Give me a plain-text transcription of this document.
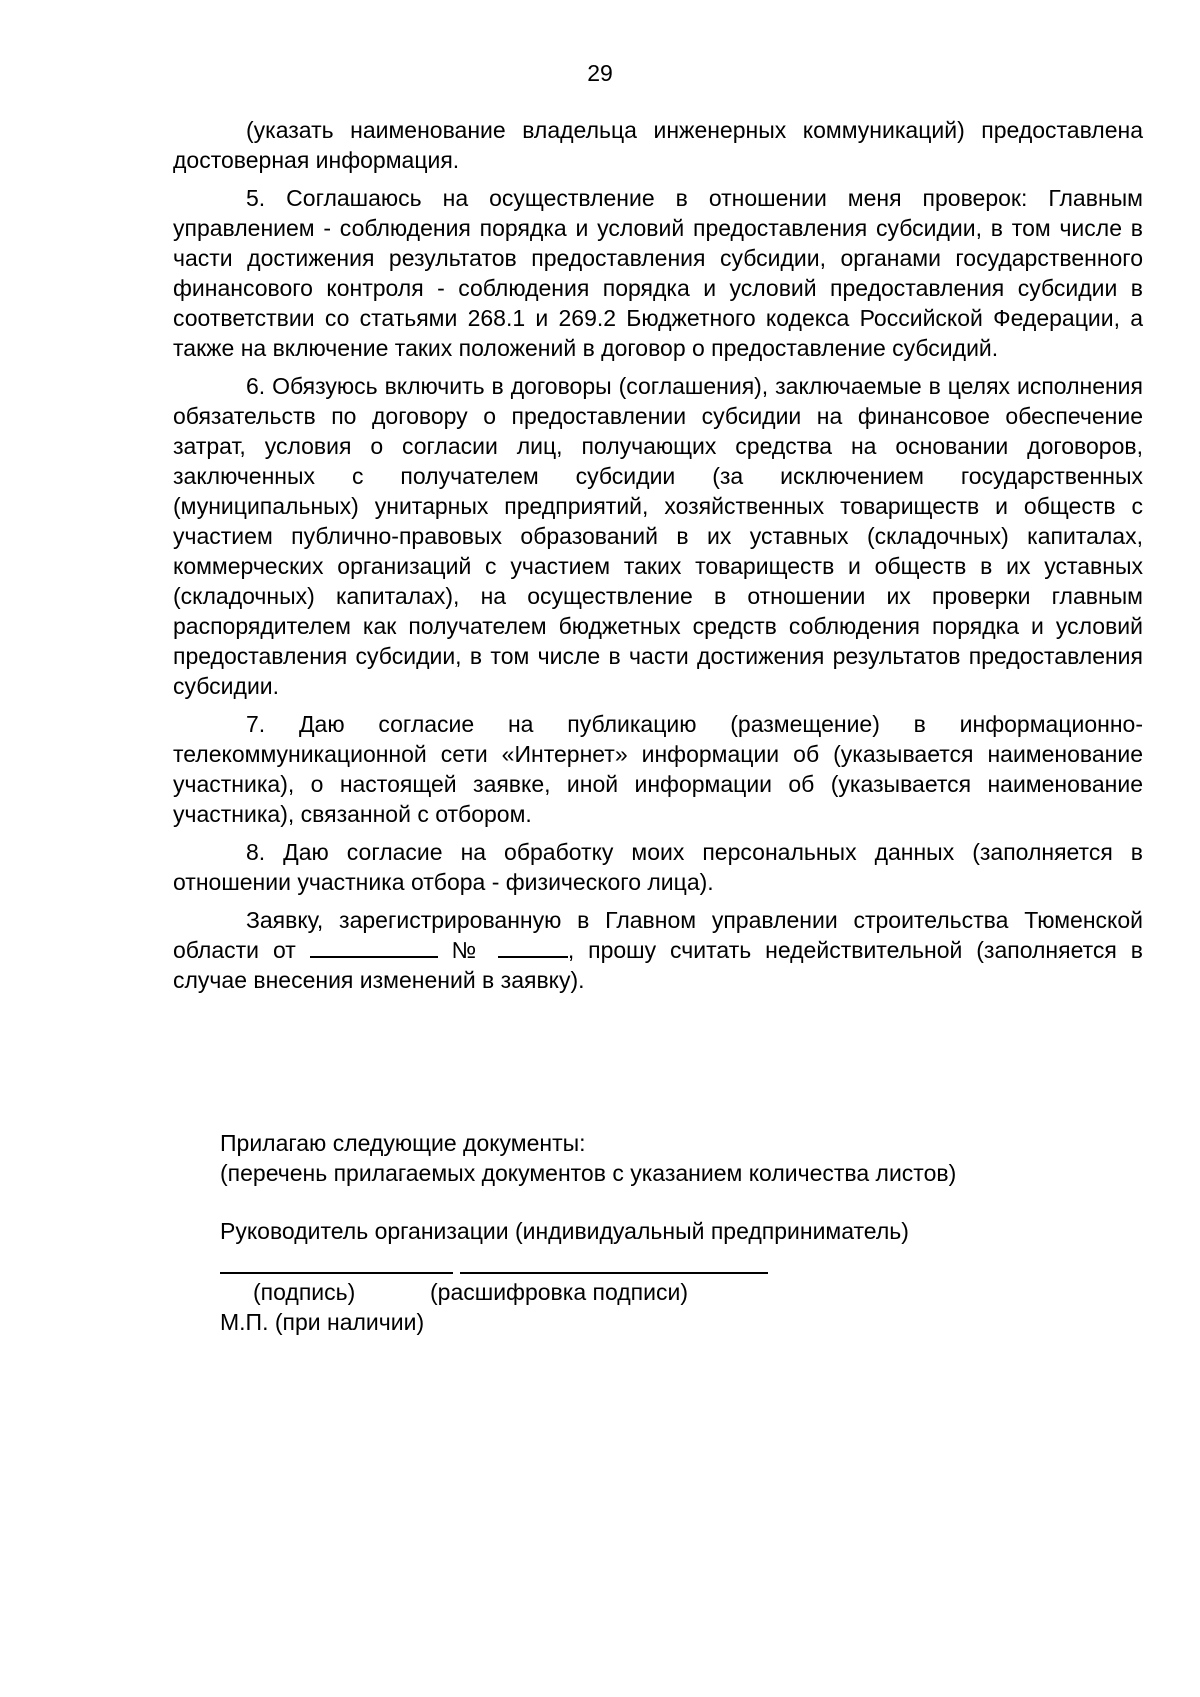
29

(указать наименование владельца инженерных коммуникаций) предоставлена достоверная информация.

5. Соглашаюсь на осуществление в отношении меня проверок: Главным управлением - соблюдения порядка и условий предоставления субсидии, в том числе в части достижения результатов предоставления субсидии, органами государственного финансового контроля - соблюдения порядка и условий предоставления субсидии в соответствии со статьями 268.1 и 269.2 Бюджетного кодекса Российской Федерации, а также на включение таких положений в договор о предоставление субсидий.

6. Обязуюсь включить в договоры (соглашения), заключаемые в целях исполнения обязательств по договору о предоставлении субсидии на финансовое обеспечение затрат, условия о согласии лиц, получающих средства на основании договоров, заключенных с получателем субсидии (за исключением государственных (муниципальных) унитарных предприятий, хозяйственных товариществ и обществ с участием публично-правовых образований в их уставных (складочных) капиталах, коммерческих организаций с участием таких товариществ и обществ в их уставных (складочных) капиталах), на осуществление в отношении их проверки главным распорядителем как получателем бюджетных средств соблюдения порядка и условий предоставления субсидии, в том числе в части достижения результатов предоставления субсидии.

7. Даю согласие на публикацию (размещение) в информационно-телекоммуникационной сети «Интернет» информации об (указывается наименование участника), о настоящей заявке, иной информации об (указывается наименование участника), связанной с отбором.

8. Даю согласие на обработку моих персональных данных (заполняется в отношении участника отбора - физического лица).

Заявку, зарегистрированную в Главном управлении строительства Тюменской области от	№	, прошу считать недействительной (заполняется в случае внесения изменений в заявку).

Прилагаю следующие документы:
(перечень прилагаемых документов с указанием количества листов)
Руководитель организации (индивидуальный предприниматель)
(подпись)	(расшифровка подписи)
М.П. (при наличии)
